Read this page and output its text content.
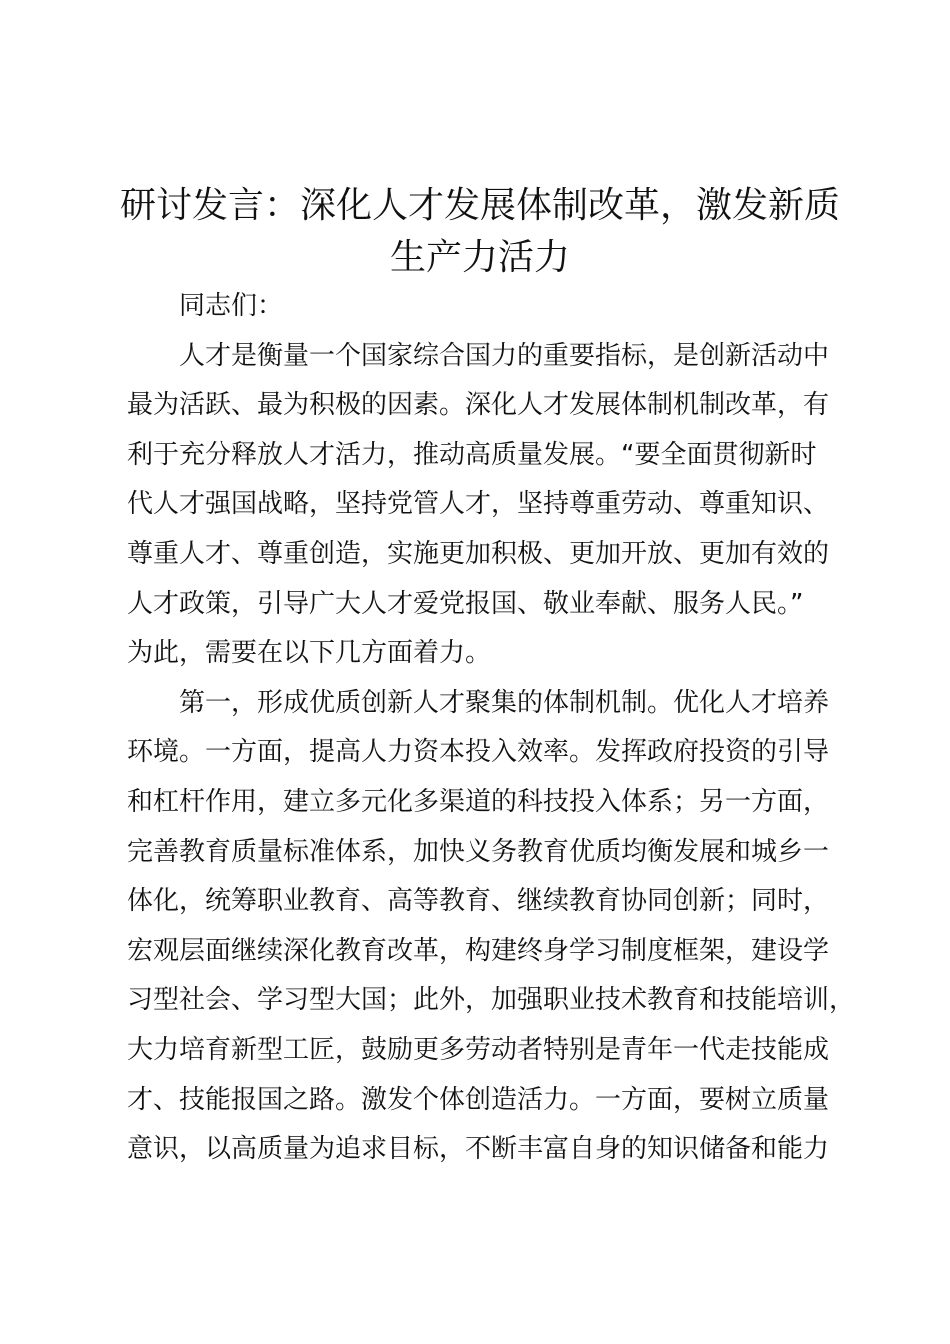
研讨发言：深化人才发展体制改革，激发新质
生产力活力
同志们：
人才是衡量一个国家综合国力的重要指标，是创新活动中
最为活跃、最为积极的因素。深化人才发展体制机制改革，有
利于充分释放人才活力，推动高质量发展。“要全面贯彻新时
代人才强国战略，坚持党管人才，坚持尊重劳动、尊重知识、
尊重人才、尊重创造，实施更加积极、更加开放、更加有效的
人才政策，引导广大人才爱党报国、敬业奉献、服务人民。”
为此，需要在以下几方面着力。
第一，形成优质创新人才聚集的体制机制。优化人才培养
环境。一方面，提高人力资本投入效率。发挥政府投资的引导
和杠杆作用，建立多元化多渠道的科技投入体系；另一方面，
完善教育质量标准体系，加快义务教育优质均衡发展和城乡一
体化，统筹职业教育、高等教育、继续教育协同创新；同时，
宏观层面继续深化教育改革，构建终身学习制度框架，建设学
习型社会、学习型大国；此外，加强职业技术教育和技能培训，
大力培育新型工匠，鼓励更多劳动者特别是青年一代走技能成
才、技能报国之路。激发个体创造活力。一方面，要树立质量
意识，以高质量为追求目标，不断丰富自身的知识储备和能力
